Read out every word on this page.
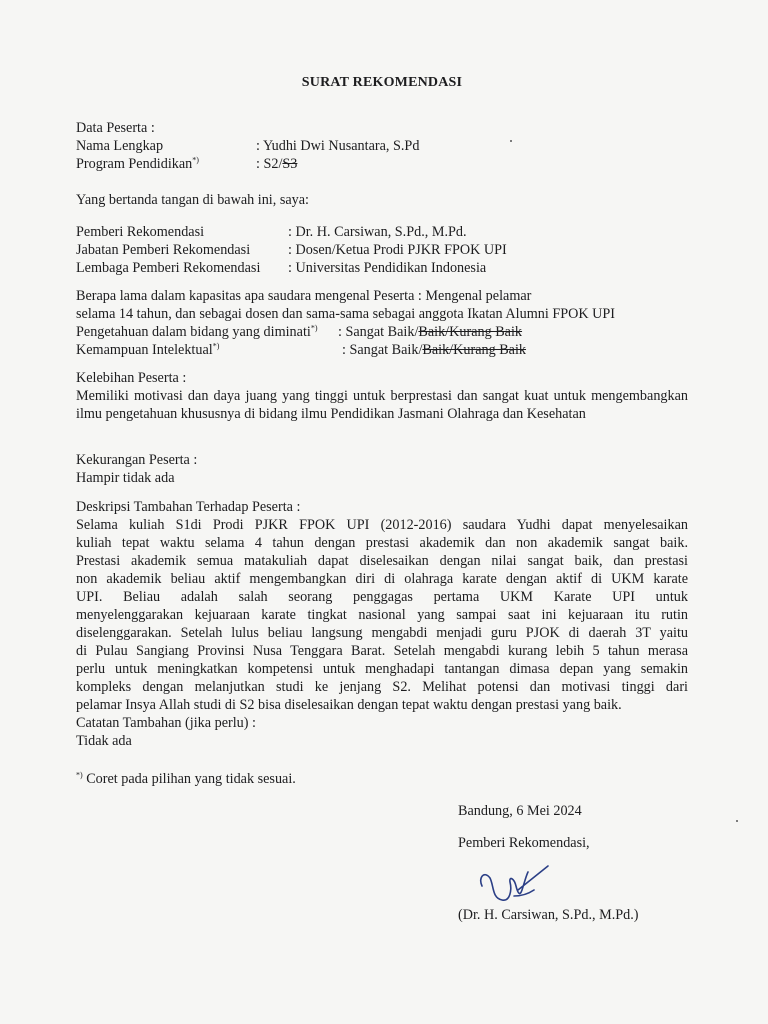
SURAT REKOMENDASI
Data Peserta :
Nama Lengkap	: Yudhi Dwi Nusantara, S.Pd
Program Pendidikan*)	: S2/S3
Yang bertanda tangan di bawah ini, saya:
Pemberi Rekomendasi	: Dr. H. Carsiwan, S.Pd., M.Pd.
Jabatan Pemberi Rekomendasi	: Dosen/Ketua Prodi PJKR FPOK UPI
Lembaga Pemberi Rekomendasi	: Universitas Pendidikan Indonesia
Berapa lama dalam kapasitas apa saudara mengenal Peserta : Mengenal pelamar
selama 14 tahun, dan sebagai dosen dan sama-sama sebagai anggota Ikatan Alumni FPOK UPI
Pengetahuan dalam bidang yang diminati*)	: Sangat Baik/Baik/Kurang Baik
Kemampuan Intelektual*)	: Sangat Baik/Baik/Kurang Baik
Kelebihan Peserta :
Memiliki motivasi dan daya juang yang tinggi untuk berprestasi dan sangat kuat untuk mengembangkan ilmu pengetahuan khususnya di bidang ilmu Pendidikan Jasmani Olahraga dan Kesehatan
Kekurangan Peserta :
Hampir tidak ada
Deskripsi Tambahan Terhadap Peserta :
Selama kuliah S1di Prodi PJKR FPOK UPI (2012-2016) saudara Yudhi dapat menyelesaikan
kuliah tepat waktu selama 4 tahun dengan prestasi akademik dan non akademik sangat baik.
Prestasi akademik semua matakuliah dapat diselesaikan dengan nilai sangat baik, dan prestasi
non akademik beliau aktif mengembangkan diri di olahraga karate dengan aktif di UKM karate
UPI. Beliau adalah salah seorang penggagas pertama UKM Karate UPI untuk
menyelenggarakan kejuaraan karate tingkat nasional yang sampai saat ini kejuaraan itu rutin
diselenggarakan. Setelah lulus beliau langsung mengabdi menjadi guru PJOK di daerah 3T yaitu
di Pulau Sangiang Provinsi Nusa Tenggara Barat. Setelah mengabdi kurang lebih 5 tahun merasa
perlu untuk meningkatkan kompetensi untuk menghadapi tantangan dimasa depan yang semakin
kompleks dengan melanjutkan studi ke jenjang S2. Melihat potensi dan motivasi tinggi dari
pelamar Insya Allah studi di S2 bisa diselesaikan dengan tepat waktu dengan prestasi yang baik.
Catatan Tambahan (jika perlu) :
Tidak ada
*) Coret pada pilihan yang tidak sesuai.
Bandung, 6 Mei 2024
Pemberi Rekomendasi,
(Dr. H. Carsiwan, S.Pd., M.Pd.)
